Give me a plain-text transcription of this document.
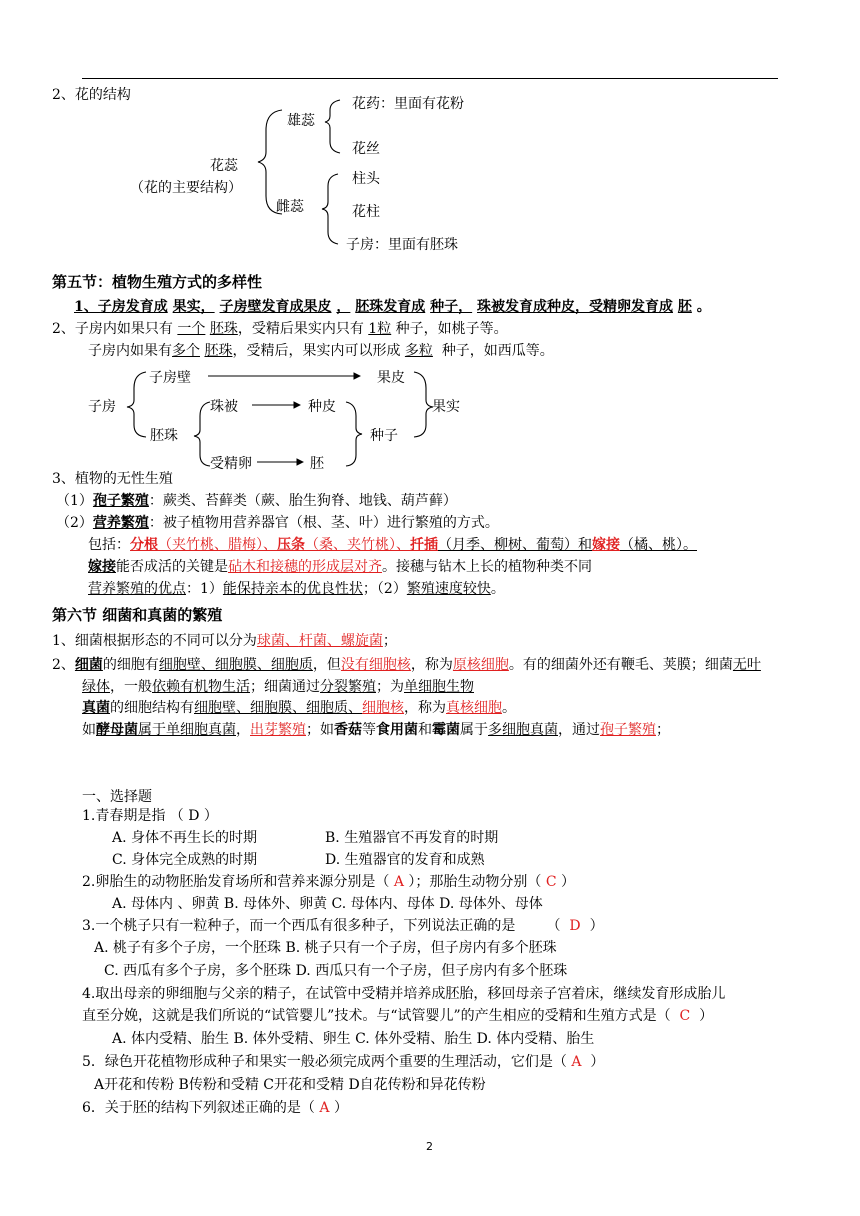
2、花的结构
花蕊
（花的主要结构）
雄蕊
花药：里面有花粉
花丝
雌蕊
柱头
花柱
子房：里面有胚珠
第五节：植物生殖方式的多样性
1、子房发育成 果实， 子房壁发育成果皮 ， 胚珠发育成 种子， 珠被发育成种皮，受精卵发育成 胚 。
2、子房内如果只有 一个 胚珠，受精后果实内只有 1粒 种子，如桃子等。
子房内如果有多个 胚珠，受精后，果实内可以形成 多粒 种子，如西瓜等。
子房
子房壁	果皮
果实
胚珠
珠被	种皮
种子
受精卵	胚
3、植物的无性生殖
（1）孢子繁殖：蕨类、苔藓类（蕨、胎生狗脊、地钱、葫芦藓）
（2）营养繁殖：被子植物用营养器官（根、茎、叶）进行繁殖的方式。
包括：分根（夹竹桃、腊梅）、压条（桑、夹竹桃）、扦插（月季、柳树、葡萄）和嫁接（橘、桃）。
嫁接能否成活的关键是砧木和接穗的形成层对齐。接穗与钻木上长的植物种类不同
营养繁殖的优点：1）能保持亲本的优良性状；（2）繁殖速度较快。
第六节 细菌和真菌的繁殖
1、细菌根据形态的不同可以分为球菌、杆菌、螺旋菌；
2、细菌的细胞有细胞壁、细胞膜、细胞质，但没有细胞核，称为原核细胞。有的细菌外还有鞭毛、荚膜；细菌无叶
绿体，一般依赖有机物生活；细菌通过分裂繁殖；为单细胞生物
真菌的细胞结构有细胞壁、细胞膜、细胞质、细胞核，称为真核细胞。
如酵母菌属于单细胞真菌，出芽繁殖；如香菇等食用菌和霉菌属于多细胞真菌，通过孢子繁殖；
一、选择题
1.青春期是指 （ D ）
A. 身体不再生长的时期	B. 生殖器官不再发育的时期
C. 身体完全成熟的时期	D. 生殖器官的发育和成熟
2.卵胎生的动物胚胎发育场所和营养来源分别是（ A ）；那胎生动物分别（ C ）
A. 母体内 、卵黄 B. 母体外、卵黄 C. 母体内、母体 D. 母体外、母体
3.一个桃子只有一粒种子，而一个西瓜有很多种子，下列说法正确的是 （ D ）
A. 桃子有多个子房，一个胚珠 B. 桃子只有一个子房，但子房内有多个胚珠
C. 西瓜有多个子房，多个胚珠 D. 西瓜只有一个子房，但子房内有多个胚珠
4.取出母亲的卵细胞与父亲的精子，在试管中受精并培养成胚胎，移回母亲子宫着床，继续发育形成胎儿
直至分娩，这就是我们所说的“试管婴儿”技术。与“试管婴儿”的产生相应的受精和生殖方式是（ C ）
A. 体内受精、胎生 B. 体外受精、卵生 C. 体外受精、胎生 D. 体内受精、胎生
5．绿色开花植物形成种子和果实一般必须完成两个重要的生理活动，它们是（ A ）
A开花和传粉 B传粉和受精 C开花和受精 D自花传粉和异花传粉
6．关于胚的结构下列叙述正确的是（ A ）
2
